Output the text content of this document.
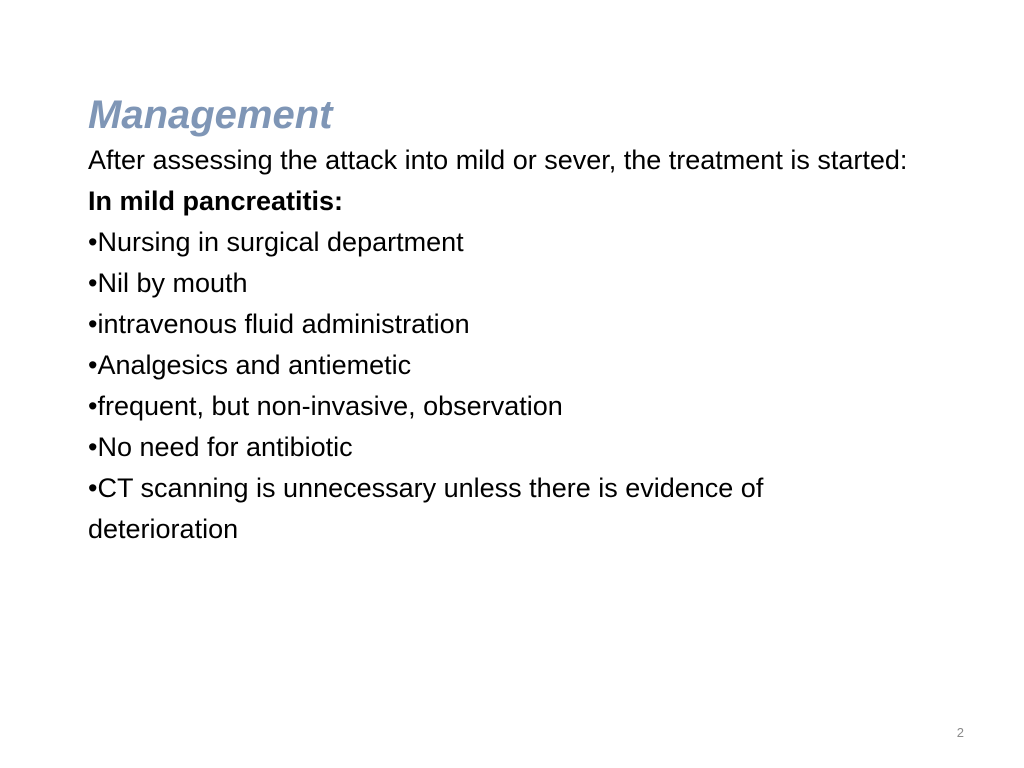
Management

After assessing the attack into mild or sever, the treatment is started:

In mild pancreatitis:

•Nursing in surgical department
•Nil by mouth
•intravenous fluid administration
•Analgesics and antiemetic
•frequent, but non-invasive, observation
•No need for antibiotic
•CT scanning is unnecessary unless there is evidence of deterioration
2
